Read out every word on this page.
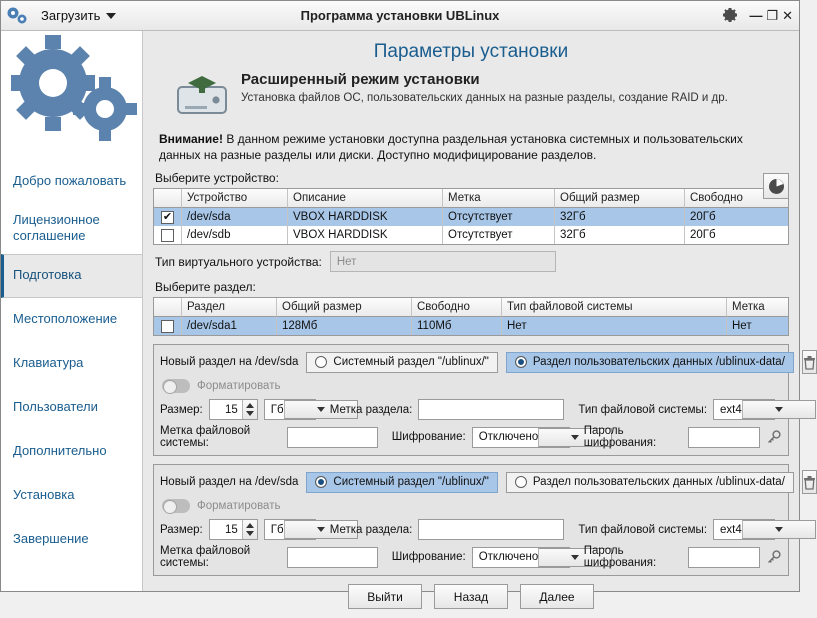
Загрузить	Программа установки UBLinux	— ❐ ✕
Добро пожаловать
Лицензионное соглашение
Подготовка
Местоположение
Клавиатура
Пользователи
Дополнительно
Установка
Завершение
Параметры установки
Расширенный режим установки
Установка файлов ОС, пользовательских данных на разные разделы, создание RAID и др.
Внимание! В данном режиме установки доступна раздельная установка системных и пользовательских данных на разные разделы или диски. Доступно модифицирование разделов.
Выберите устройство:
Устройство	Описание	Метка	Общий размер	Свободно
✔	/dev/sda	VBOX HARDDISK	Отсутствует	32Гб	20Гб
/dev/sdb	VBOX HARDDISK	Отсутствует	32Гб	20Гб
Тип виртуального устройства:	Нет
Выберите раздел:
Раздел	Общий размер	Свободно	Тип файловой системы	Метка
/dev/sda1	128Мб	110Мб	Нет	Нет
Новый раздел на /dev/sda	Системный раздел "/ublinux/"	Раздел пользовательских данных /ublinux-data/
Форматировать
Размер:	15	Гб	Метка раздела:	Тип файловой системы: ext4
Метка файловой системы:	Шифрование: Отключено	Пароль шифрования:
Новый раздел на /dev/sda	Системный раздел "/ublinux/"	Раздел пользовательских данных /ublinux-data/
Форматировать
Размер:	15	Гб	Метка раздела:	Тип файловой системы: ext4
Метка файловой системы:	Шифрование: Отключено	Пароль шифрования:
Выйти	Назад	Далее
